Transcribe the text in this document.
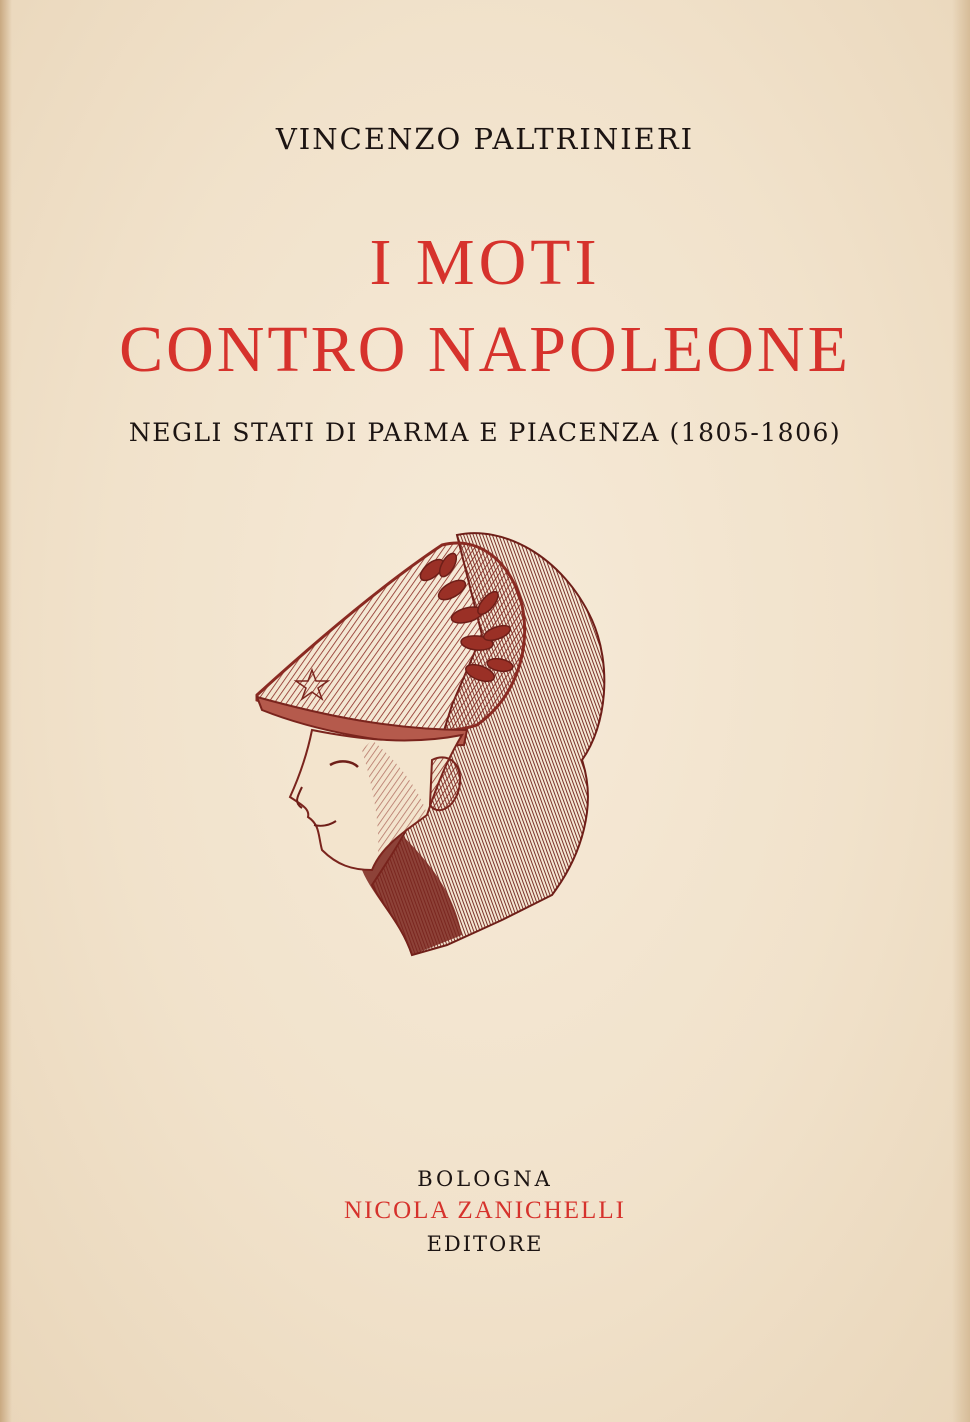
VINCENZO PALTRINIERI
I MOTI
CONTRO NAPOLEONE
NEGLI STATI DI PARMA E PIACENZA (1805-1806)
BOLOGNA
NICOLA ZANICHELLI
EDITORE
